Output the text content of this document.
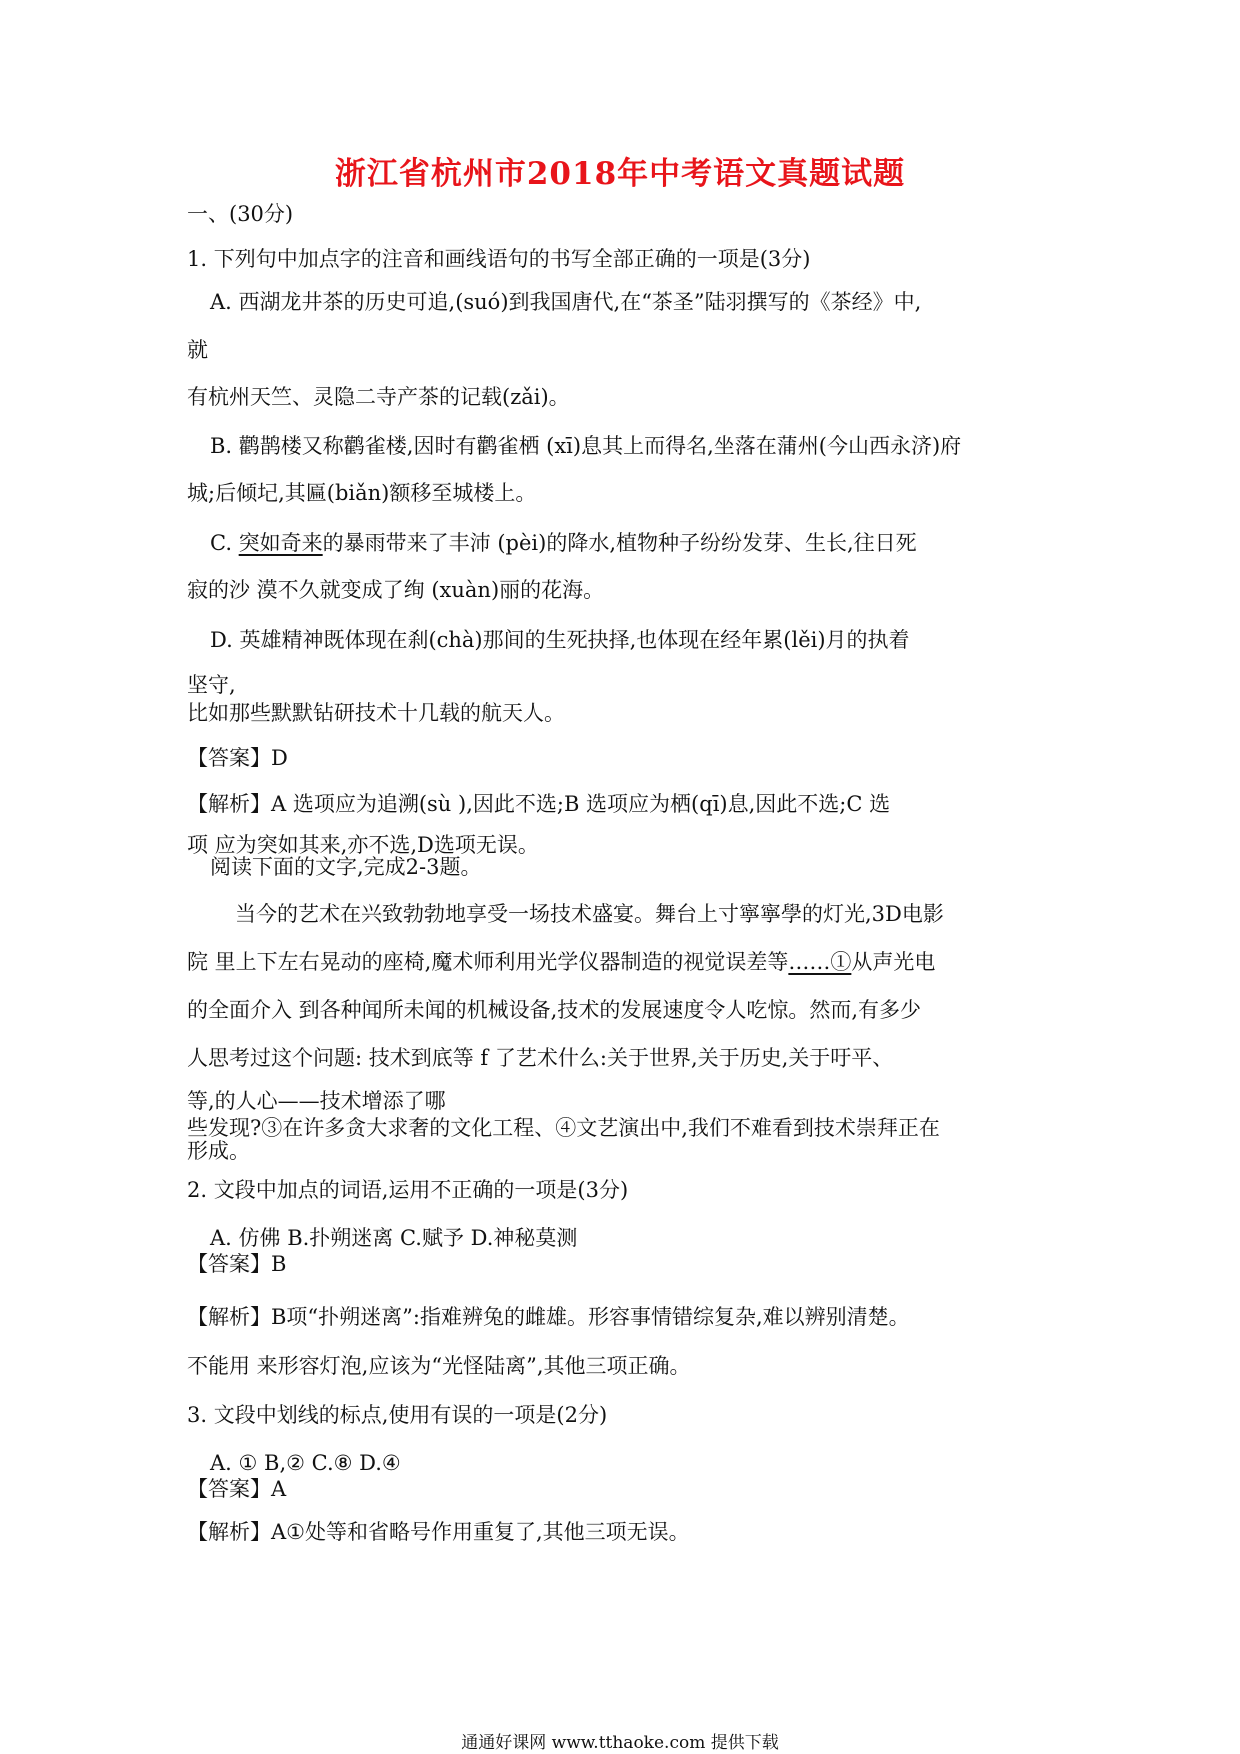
浙江省杭州市2018年中考语文真题试题
一、(30分)
1. 下列句中加点字的注音和画线语句的书写全部正确的一项是(3分)
A. 西湖龙井茶的历史可追,(suó)到我国唐代,在“茶圣”陆羽撰写的《茶经》中,
就
有杭州天竺、灵隐二寺产茶的记载(zǎi)。
B. 鹳鹊楼又称鹳雀楼,因时有鹳雀栖 (xī)息其上而得名,坐落在蒲州(今山西永济)府
城;后倾圮,其匾(biǎn)额移至城楼上。
C. 突如奇来的暴雨带来了丰沛 (pèi)的降水,植物种子纷纷发芽、生长,往日死
寂的沙 漠不久就变成了绚 (xuàn)丽的花海。
D. 英雄精神既体现在刹(chà)那间的生死抉择,也体现在经年累(lěi)月的执着
坚守,
比如那些默默钻研技术十几载的航天人。
【答案】D
【解析】A 选项应为追溯(sù ),因此不选;B 选项应为栖(qī)息,因此不选;C 选
项 应为突如其来,亦不选,D选项无误。
阅读下面的文字,完成2-3题。
当今的艺术在兴致勃勃地享受一场技术盛宴。舞台上寸寧寧學的灯光,3D电影
院 里上下左右晃动的座椅,魔术师利用光学仪器制造的视觉误差等……①从声光电
的全面介入 到各种闻所未闻的机械设备,技术的发展速度令人吃惊。然而,有多少
人思考过这个问题: 技术到底等 f 了艺术什么:关于世界,关于历史,关于吁平、
等,的人心——技术增添了哪
些发现?③在许多贪大求奢的文化工程、④文艺演出中,我们不难看到技术崇拜正在
形成。
2. 文段中加点的词语,运用不正确的一项是(3分)
A. 仿佛 B.扑朔迷离 C.赋予 D.神秘莫测
【答案】B
【解析】B项“扑朔迷离”:指难辨兔的雌雄。形容事情错综复杂,难以辨别清楚。
不能用 来形容灯泡,应该为“光怪陆离”,其他三项正确。
3. 文段中划线的标点,使用有误的一项是(2分)
A. ① B,② C.⑧ D.④
【答案】A
【解析】A①处等和省略号作用重复了,其他三项无误。
通通好课网 www.tthaoke.com 提供下载
